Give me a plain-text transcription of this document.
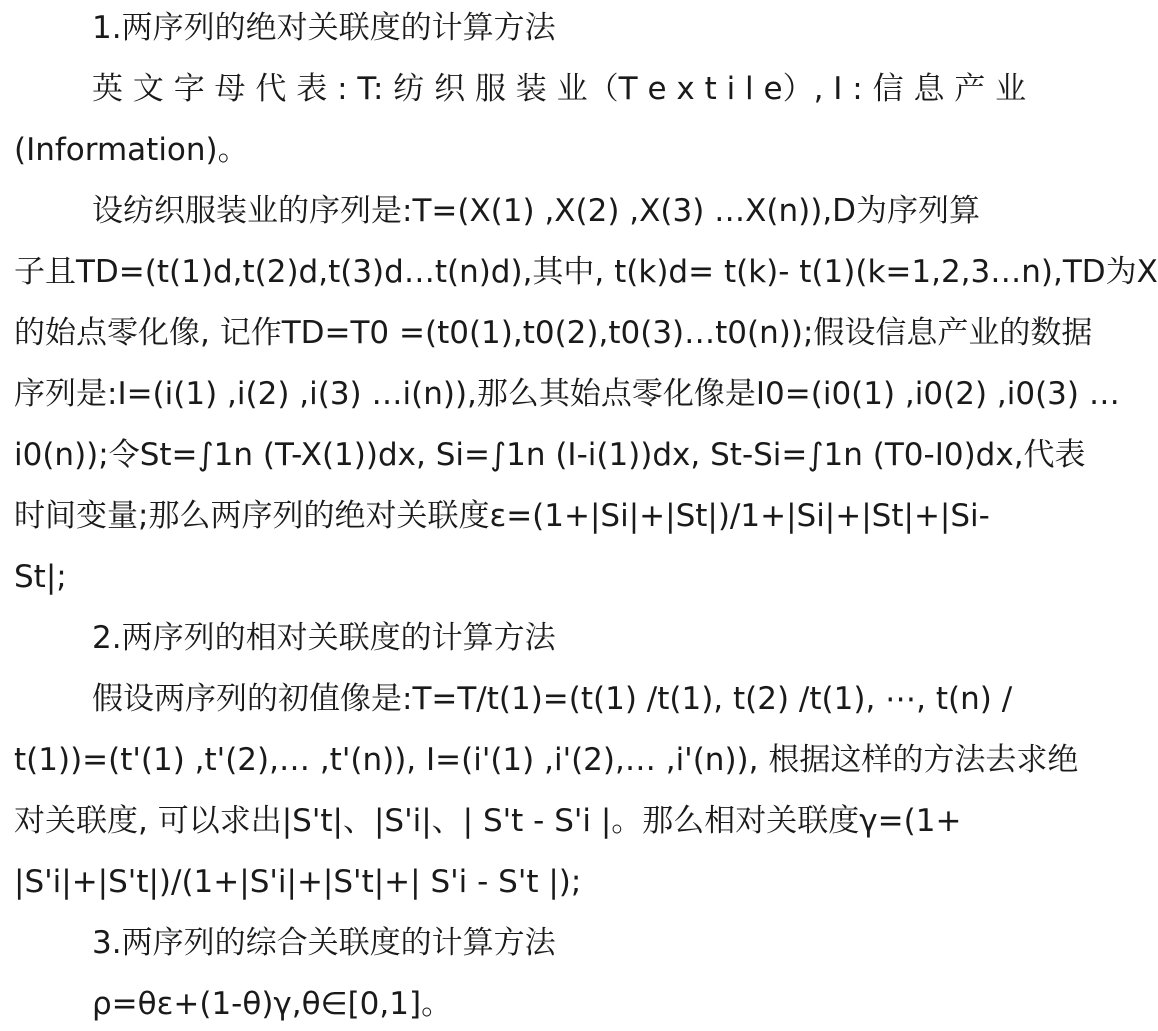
1.两序列的绝对关联度的计算方法
英 文 字 母 代 表 : T: 纺 织 服 装 业（T e x t i l e）, I : 信 息 产 业
(Information)。
设纺织服装业的序列是:T=(X(1) ,X(2) ,X(3) …X(n)),D为序列算
子且TD=(t(1)d,t(2)d,t(3)d…t(n)d),其中, t(k)d= t(k)- t(1)(k=1,2,3…n),TD为X
的始点零化像, 记作TD=T0 =(t0(1),t0(2),t0(3)…t0(n));假设信息产业的数据
序列是:I=(i(1) ,i(2) ,i(3) …i(n)),那么其始点零化像是I0=(i0(1) ,i0(2) ,i0(3) …
i0(n));令St=∫1n (T-X(1))dx, Si=∫1n (I-i(1))dx, St-Si=∫1n (T0-I0)dx,代表
时间变量;那么两序列的绝对关联度ε=(1+|Si|+|St|)/1+|Si|+|St|+|Si-
St|;
2.两序列的相对关联度的计算方法
假设两序列的初值像是:T=T/t(1)=(t(1) /t(1), t(2) /t(1), ⋯, t(n) /
t(1))=(t'(1) ,t'(2),… ,t'(n)), I=(i'(1) ,i'(2),… ,i'(n)), 根据这样的方法去求绝
对关联度, 可以求出|S't|、|S'i|、| S't - S'i |。那么相对关联度γ=(1+
|S'i|+|S't|)/(1+|S'i|+|S't|+| S'i - S't |);
3.两序列的综合关联度的计算方法
ρ=θε+(1-θ)γ,θ∈[0,1]。
